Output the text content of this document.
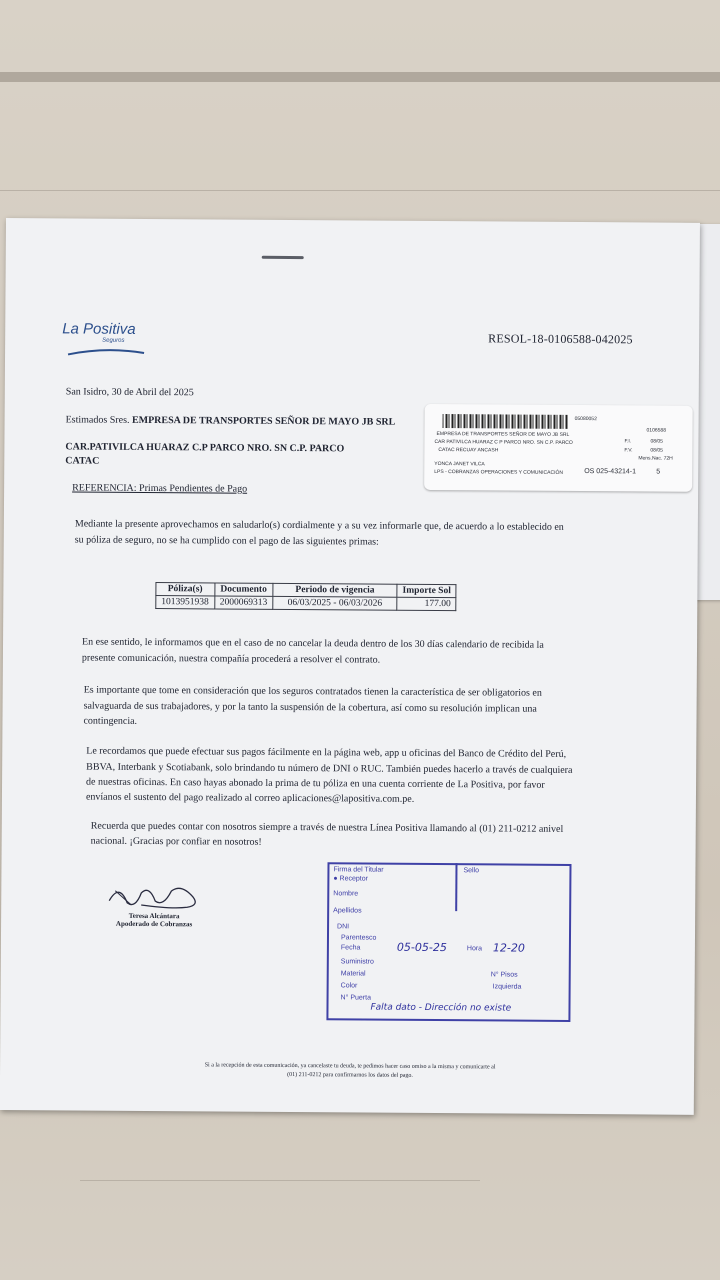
La Positiva
Seguros	RESOL-18-0106588-042025
San Isidro, 30 de Abril del 2025
Estimados Sres. EMPRESA DE TRANSPORTES SEÑOR DE MAYO JB SRL
CAR.PATIVILCA HUARAZ C.P PARCO NRO. SN C.P. PARCO
CATAC
05080052
0106588
EMPRESA DE TRANSPORTES SEÑOR DE MAYO JB SRL
CAR PATIVILCA HUARAZ C P PARCO NRO. SN C.P. PARCO
CATAC RECUAY ANCASH
F.I.	08/05
F.V.	08/05
Mens.Nac. 72H
YONCA JANET VILCA
LPS - COBRANZAS OPERACIONES Y COMUNICACIÓN	OS 025-43214-1	5
REFERENCIA: Primas Pendientes de Pago
Mediante la presente aprovechamos en saludarlo(s) cordialmente y a su vez informarle que, de acuerdo a lo establecido en
su póliza de seguro, no se ha cumplido con el pago de las siguientes primas:
Póliza(s)	Documento	Periodo de vigencia	Importe Sol
1013951938	2000069313	06/03/2025 - 06/03/2026	177.00
En ese sentido, le informamos que en el caso de no cancelar la deuda dentro de los 30 días calendario de recibida la
presente comunicación, nuestra compañía procederá a resolver el contrato.
Es importante que tome en consideración que los seguros contratados tienen la característica de ser obligatorios en
salvaguarda de sus trabajadores, y por la tanto la suspensión de la cobertura, así como su resolución implican una
contingencia.
Le recordamos que puede efectuar sus pagos fácilmente en la página web, app u oficinas del Banco de Crédito del Perú,
BBVA, Interbank y Scotiabank, solo brindando tu número de DNI o RUC. También puedes hacerlo a través de cualquiera
de nuestras oficinas. En caso hayas abonado la prima de tu póliza en una cuenta corriente de La Positiva, por favor
envíanos el sustento del pago realizado al correo aplicaciones@lapositiva.com.pe.
Recuerda que puedes contar con nosotros siempre a través de nuestra Línea Positiva llamando al (01) 211-0212 anivel
nacional. ¡Gracias por confiar en nosotros!
Teresa Alcántara
Apoderado de Cobranzas
Firma del Titular
● Receptor
Sello
Nombre
Apellidos
DNI
Parentesco
Fecha	Hora
Suministro
Material	N° Pisos
Color	Izquierda
N° Puerta
05-05-25	12-20
Falta dato - Dirección no existe
Si a la recepción de esta comunicación, ya cancelaste tu deuda, te pedimos hacer caso omiso a la misma y comunicarte al
(01) 211-0212 para confirmarnos los datos del pago.
